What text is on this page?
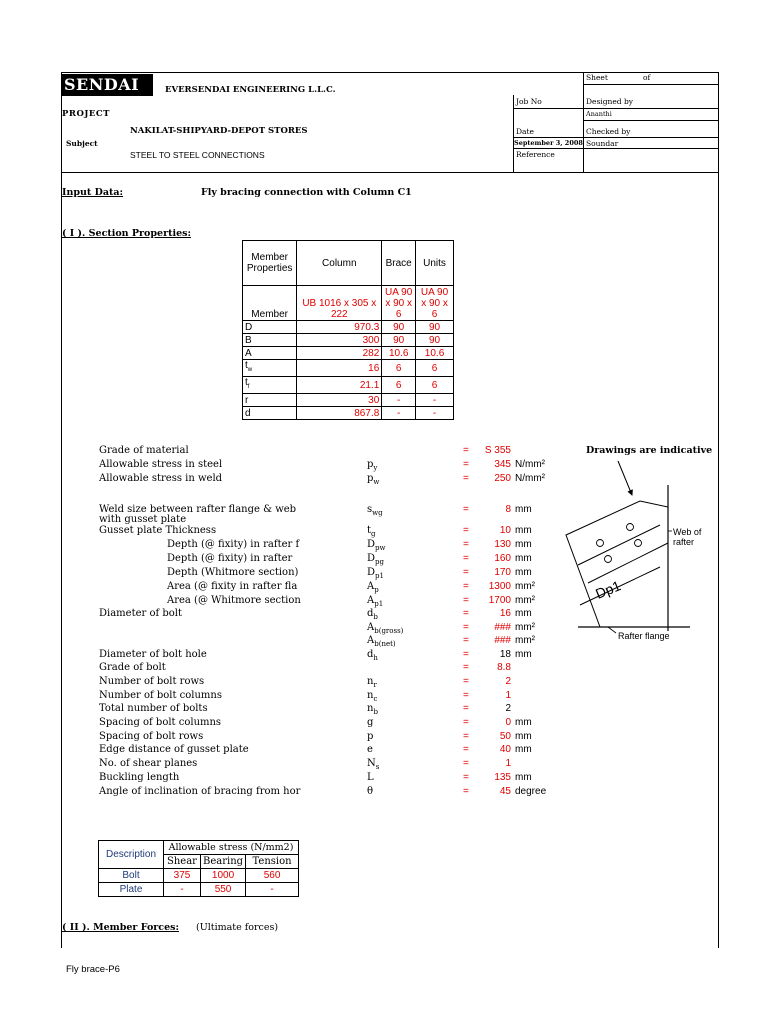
SENDAI	EVERSENDAI ENGINEERING L.L.C.
PROJECT
NAKILAT-SHIPYARD-DEPOT STORES
Subject
STEEL TO STEEL CONNECTIONS
Sheet	of
Job No	Designed by
Ananthi
Date	Checked by
September 3, 2008 Soundar
Reference
Input Data:	Fly bracing connection with Column C1
( I ). Section Properties:
Member Properties	Column	Brace	Units
Member	UB 1016 x 305 x 222	UA 90 x 90 x 6	UA 90 x 90 x 6
D	970.3	90	90
B	300	90	90
A	282	10.6	10.6
$t_w$	16	6	6
$t_f$	21.1	6	6
r	30	-	-
d	867.8	-	-
Grade of material	= S 355
Allowable stress in steel	$p_y$	=	345 N/mm²
Allowable stress in weld	$p_w$	=	250 N/mm²
Weld size between rafter flange & web
with gusset plate
$s_{wg}$	=	8 mm
Gusset plate Thickness	$t_g$	=	10 mm
Depth (@ fixity) in rafter f	$D_{pw}$	=	130 mm
Depth (@ fixity) in rafter	$D_{pg}$	=	160 mm
Depth (Whitmore section)	$D_{p1}$	=	170 mm
Area (@ fixity in rafter fla	$A_p$	= 1300 mm²
Area (@ Whitmore section	$A_{p1}$	= 1700 mm²
Diameter of bolt	$d_b$	=	16 mm
$A_{b(gross)}$	=	### mm²
$A_{b(net)}$	=	### mm²
Diameter of bolt hole	$d_h$	=	18 mm
Grade of bolt	=	8.8
Number of bolt rows	$n_r$	=	2
Number of bolt columns	$n_c$	=	1
Total number of bolts	$n_b$	=	2
Spacing of bolt columns	g	=	0 mm
Spacing of bolt rows	p	=	50 mm
Edge distance of gusset plate	e	=	40 mm
No. of shear planes	$N_s$	=	1
Buckling length	L	=	135 mm
Angle of inclination of bracing from hor	θ	=	45 degree
Drawings are indicative
Dp1
Web of
rafter
Rafter flange
Description	Allowable stress (N/mm2)		
	Shear	Bearing	Tension
Bolt	375	1000	560
Plate	-	550	-
( II ). Member Forces: (Ultimate forces)
Fly brace-P6
